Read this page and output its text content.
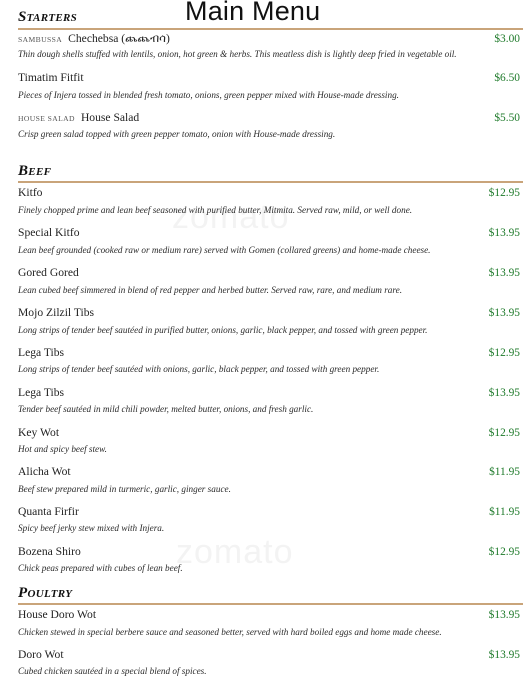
zomato
zomato
Main Menu
Starters
SAMBUSSA Chechebsa (ጨጨብሳ)	$3.00
Thin dough shells stuffed with lentils, onion, hot green & herbs. This meatless dish is lightly deep fried in vegetable oil.
Timatim Fitfit	$6.50
Pieces of Injera tossed in blended fresh tomato, onions, green pepper mixed with House-made dressing.
HOUSE SALAD House Salad	$5.50
Crisp green salad topped with green pepper tomato, onion with House-made dressing.
Beef
Kitfo	$12.95
Finely chopped prime and lean beef seasoned with purified butter, Mitmita. Served raw, mild, or well done.
Special Kitfo	$13.95
Lean beef grounded (cooked raw or medium rare) served with Gomen (collared greens) and home-made cheese.
Gored Gored	$13.95
Lean cubed beef simmered in blend of red pepper and herbed butter. Served raw, rare, and medium rare.
Mojo Zilzil Tibs	$13.95
Long strips of tender beef sautéed in purified butter, onions, garlic, black pepper, and tossed with green pepper.
Lega Tibs	$12.95
Long strips of tender beef sautéed with onions, garlic, black pepper, and tossed with green pepper.
Lega Tibs	$13.95
Tender beef sautéed in mild chili powder, melted butter, onions, and fresh garlic.
Key Wot	$12.95
Hot and spicy beef stew.
Alicha Wot	$11.95
Beef stew prepared mild in turmeric, garlic, ginger sauce.
Quanta Firfir	$11.95
Spicy beef jerky stew mixed with Injera.
Bozena Shiro	$12.95
Chick peas prepared with cubes of lean beef.
Poultry
House Doro Wot	$13.95
Chicken stewed in special berbere sauce and seasoned better, served with hard boiled eggs and home made cheese.
Doro Wot	$13.95
Cubed chicken sautéed in a special blend of spices.
